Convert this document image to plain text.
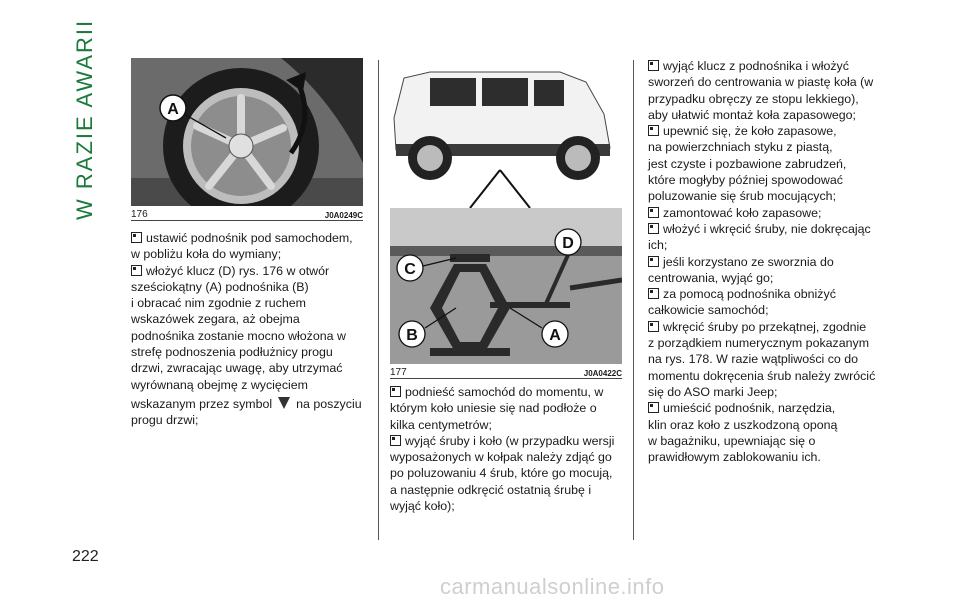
W RAZIE AWARII
222
A
176	J0A0249C
ustawić podnośnik pod samochodem,
w pobliżu koła do wymiany;
włożyć klucz (D) rys. 176 w otwór
sześciokątny (A) podnośnika (B)
i obracać nim zgodnie z ruchem
wskazówek zegara, aż obejma
podnośnika zostanie mocno włożona w
strefę podnoszenia podłużnicy progu
drzwi, zwracając uwagę, aby utrzymać
wyrównaną obejmę z wycięciem
wskazanym przez symbol na poszyciu
progu drzwi;
D
C
B	A
177	J0A0422C
podnieść samochód do momentu, w
którym koło uniesie się nad podłoże o
kilka centymetrów;
wyjąć śruby i koło (w przypadku wersji
wyposażonych w kołpak należy zdjąć go
po poluzowaniu 4 śrub, które go mocują,
a następnie odkręcić ostatnią śrubę i
wyjąć koło);
wyjąć klucz z podnośnika i włożyć
sworzeń do centrowania w piastę koła (w
przypadku obręczy ze stopu lekkiego),
aby ułatwić montaż koła zapasowego;
upewnić się, że koło zapasowe,
na powierzchniach styku z piastą,
jest czyste i pozbawione zabrudzeń,
które mogłyby później spowodować
poluzowanie się śrub mocujących;
zamontować koło zapasowe;
włożyć i wkręcić śruby, nie dokręcając
ich;
jeśli korzystano ze sworznia do
centrowania, wyjąć go;
za pomocą podnośnika obniżyć
całkowicie samochód;
wkręcić śruby po przekątnej, zgodnie
z porządkiem numerycznym pokazanym
na rys. 178. W razie wątpliwości co do
momentu dokręcenia śrub należy zwrócić
się do ASO marki Jeep;
umieścić podnośnik, narzędzia,
klin oraz koło z uszkodzoną oponą
w bagażniku, upewniając się o
prawidłowym zablokowaniu ich.
carmanualsonline.info
